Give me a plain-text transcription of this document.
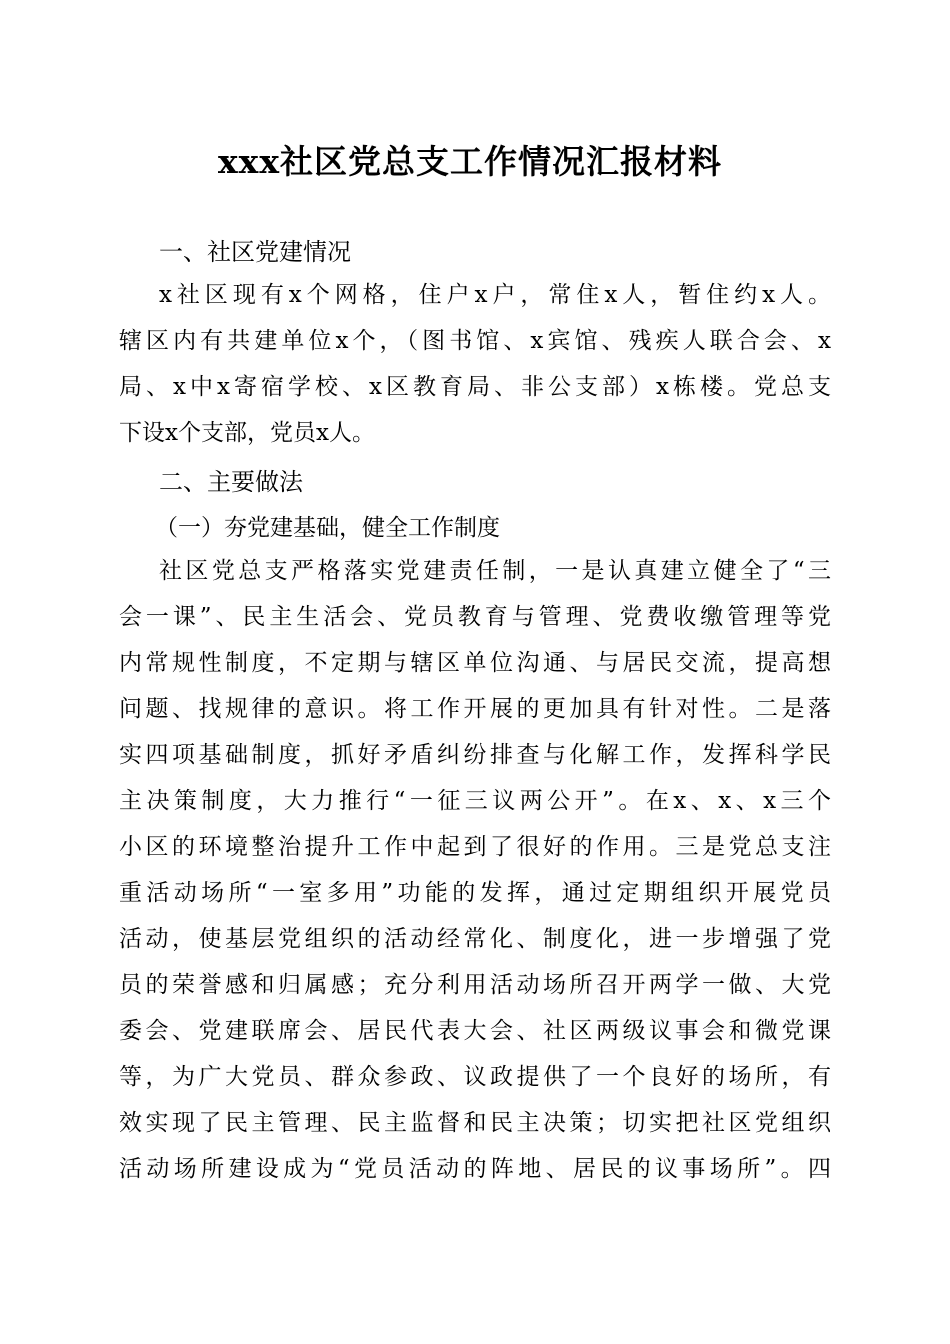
xxx社区党总支工作情况汇报材料
一、社区党建情况
x社区现有x个网格，住户x户，常住x人，暂住约x人。
辖区内有共建单位x个，（图书馆、x宾馆、残疾人联合会、x
局、x中x寄宿学校、x区教育局、非公支部）x栋楼。党总支
下设x个支部，党员x人。
二、主要做法
（一）夯党建基础，健全工作制度
社区党总支严格落实党建责任制，一是认真建立健全了“三
会一课”、民主生活会、党员教育与管理、党费收缴管理等党
内常规性制度，不定期与辖区单位沟通、与居民交流，提高想
问题、找规律的意识。将工作开展的更加具有针对性。二是落
实四项基础制度，抓好矛盾纠纷排查与化解工作，发挥科学民
主决策制度，大力推行“一征三议两公开”。在x、x、x三个
小区的环境整治提升工作中起到了很好的作用。三是党总支注
重活动场所“一室多用”功能的发挥，通过定期组织开展党员
活动，使基层党组织的活动经常化、制度化，进一步增强了党
员的荣誉感和归属感；充分利用活动场所召开两学一做、大党
委会、党建联席会、居民代表大会、社区两级议事会和微党课
等，为广大党员、群众参政、议政提供了一个良好的场所，有
效实现了民主管理、民主监督和民主决策；切实把社区党组织
活动场所建设成为“党员活动的阵地、居民的议事场所”。四
